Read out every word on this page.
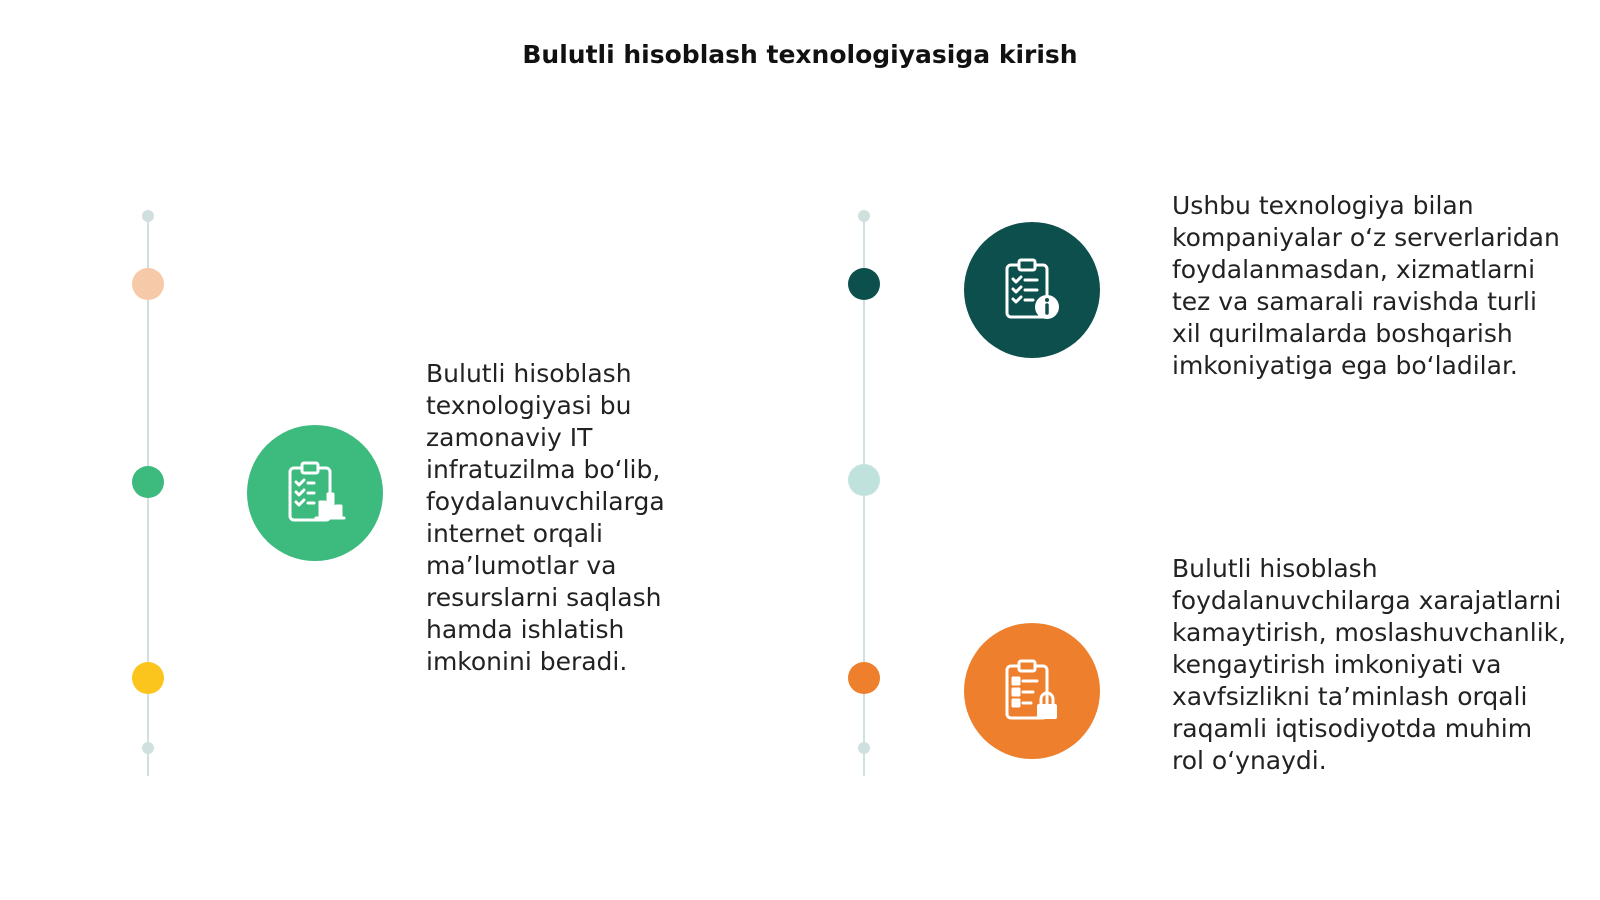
Bulutli hisoblash texnologiyasiga kirish
Bulutli hisoblash texnologiyasi bu zamonaviy IT infratuzilma bo‘lib, foydalanuvchilarga internet orqali ma’lumotlar va resurslarni saqlash hamda ishlatish imkonini beradi.
Ushbu texnologiya bilan kompaniyalar o‘z serverlaridan foydalanmasdan, xizmatlarni tez va samarali ravishda turli xil qurilmalarda boshqarish imkoniyatiga ega bo‘ladilar.
Bulutli hisoblash foydalanuvchilarga xarajatlarni kamaytirish, moslashuvchanlik, kengaytirish imkoniyati va xavfsizlikni ta’minlash orqali raqamli iqtisodiyotda muhim rol o‘ynaydi.
